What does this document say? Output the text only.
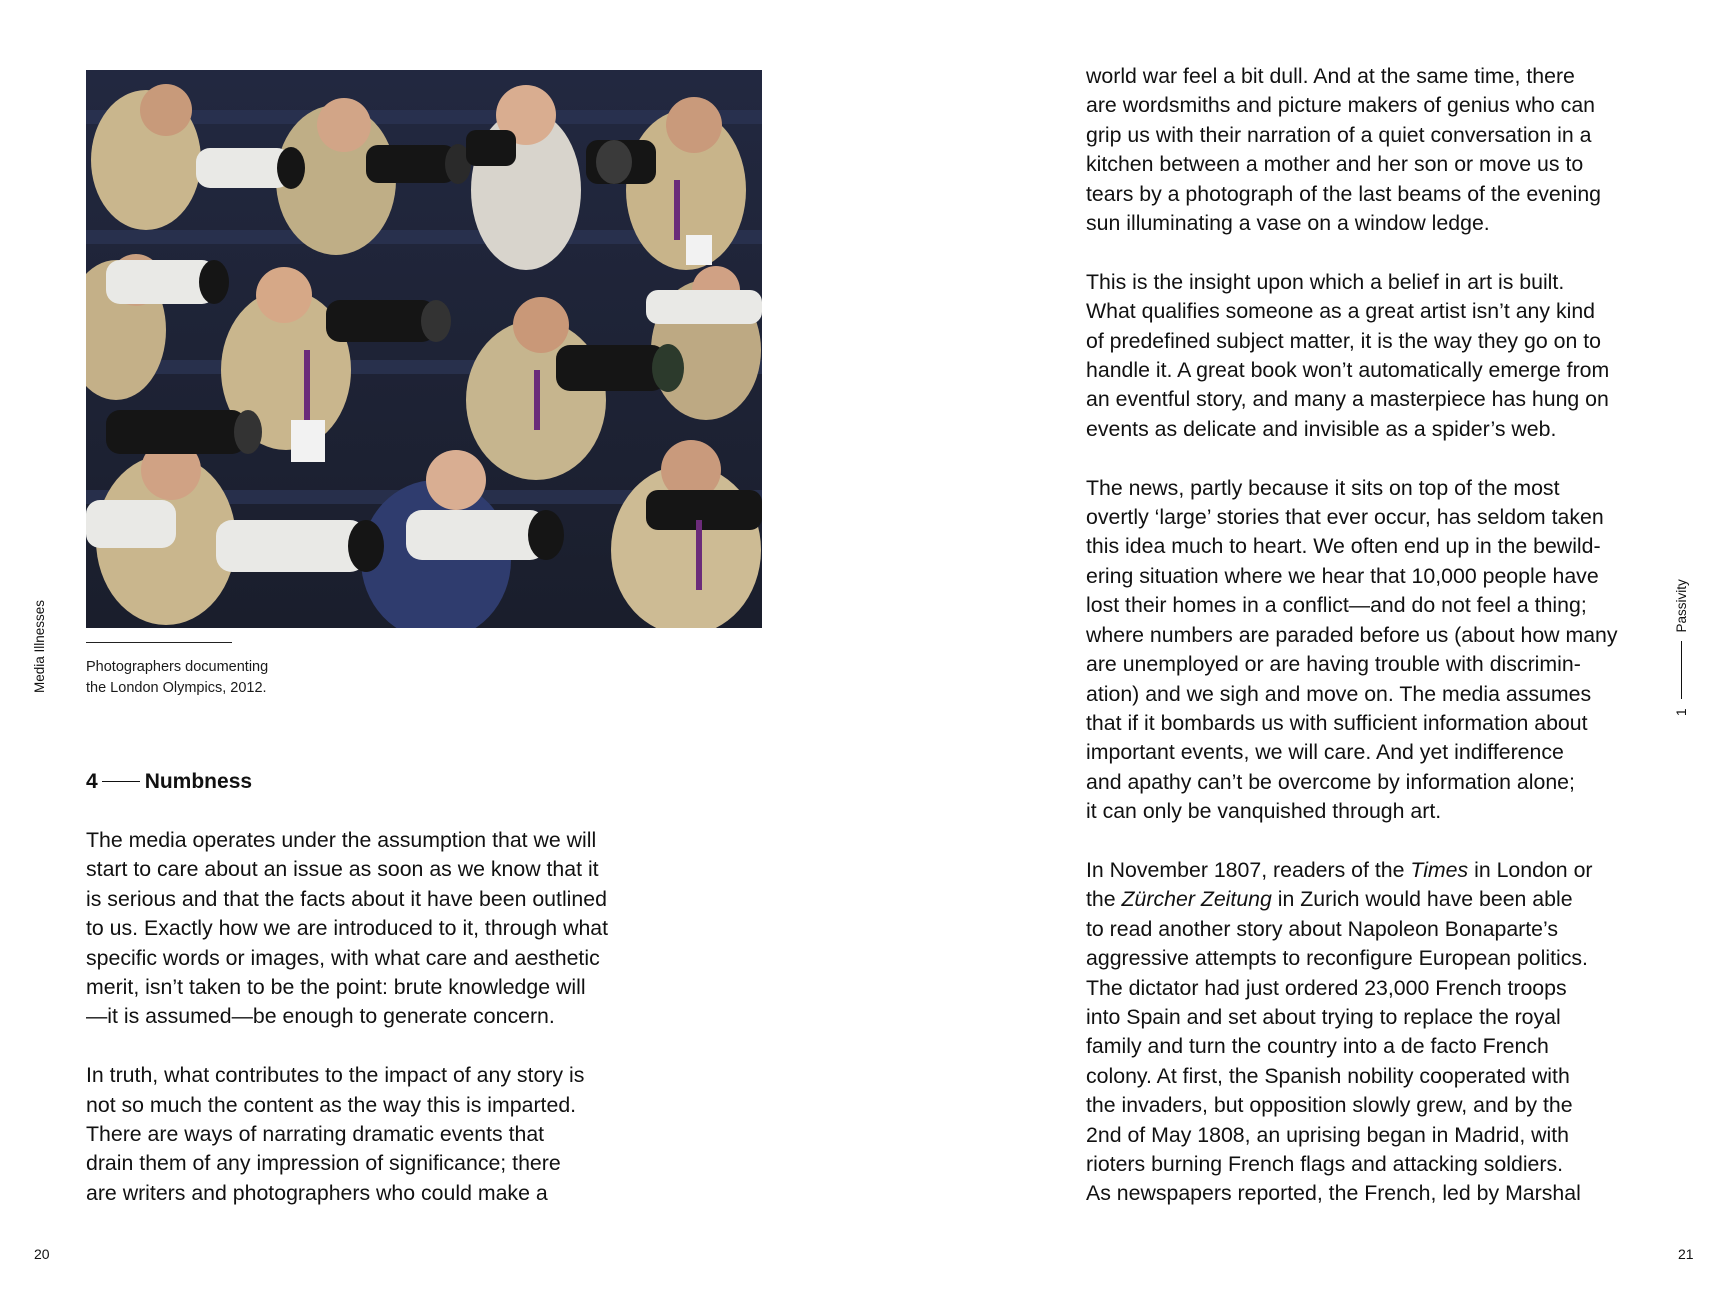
Media Illnesses	Photographers documenting
the London Olympics, 2012.
4 Numbness

The media operates under the assumption that we will
start to care about an issue as soon as we know that it
is serious and that the facts about it have been outlined
to us. Exactly how we are introduced to it, through what
specific words or images, with what care and aesthetic
merit, isn’t taken to be the point: brute knowledge will
—it is assumed—be enough to generate concern.

In truth, what contributes to the impact of any story is
not so much the content as the way this is imparted.
There are ways of narrating dramatic events that
drain them of any impression of significance; there
are writers and photographers who could make a

20

world war feel a bit dull. And at the same time, there
are wordsmiths and picture makers of genius who can
grip us with their narration of a quiet conversation in a
kitchen between a mother and her son or move us to
tears by a photograph of the last beams of the evening
sun illuminating a vase on a window ledge.

This is the insight upon which a belief in art is built.
What qualifies someone as a great artist isn’t any kind
of predefined subject matter, it is the way they go on to
handle it. A great book won’t automatically emerge from
an eventful story, and many a masterpiece has hung on
events as delicate and invisible as a spider’s web.

The news, partly because it sits on top of the most
overtly ‘large’ stories that ever occur, has seldom taken
this idea much to heart. We often end up in the bewild-
ering situation where we hear that 10,000 people have
lost their homes in a conflict—and do not feel a thing;
where numbers are paraded before us (about how many
are unemployed or are having trouble with discrimin-
ation) and we sigh and move on. The media assumes
that if it bombards us with sufficient information about
important events, we will care. And yet indifference
and apathy can’t be overcome by information alone;
it can only be vanquished through art.

In November 1807, readers of the Times in London or
the Zürcher Zeitung in Zurich would have been able
to read another story about Napoleon Bonaparte’s
aggressive attempts to reconfigure European politics.
The dictator had just ordered 23,000 French troops
into Spain and set about trying to replace the royal
family and turn the country into a de facto French
colony. At first, the Spanish nobility cooperated with
the invaders, but opposition slowly grew, and by the
2nd of May 1808, an uprising began in Madrid, with
rioters burning French flags and attacking soldiers.
As newspapers reported, the French, led by Marshal

1
Passivity
21
